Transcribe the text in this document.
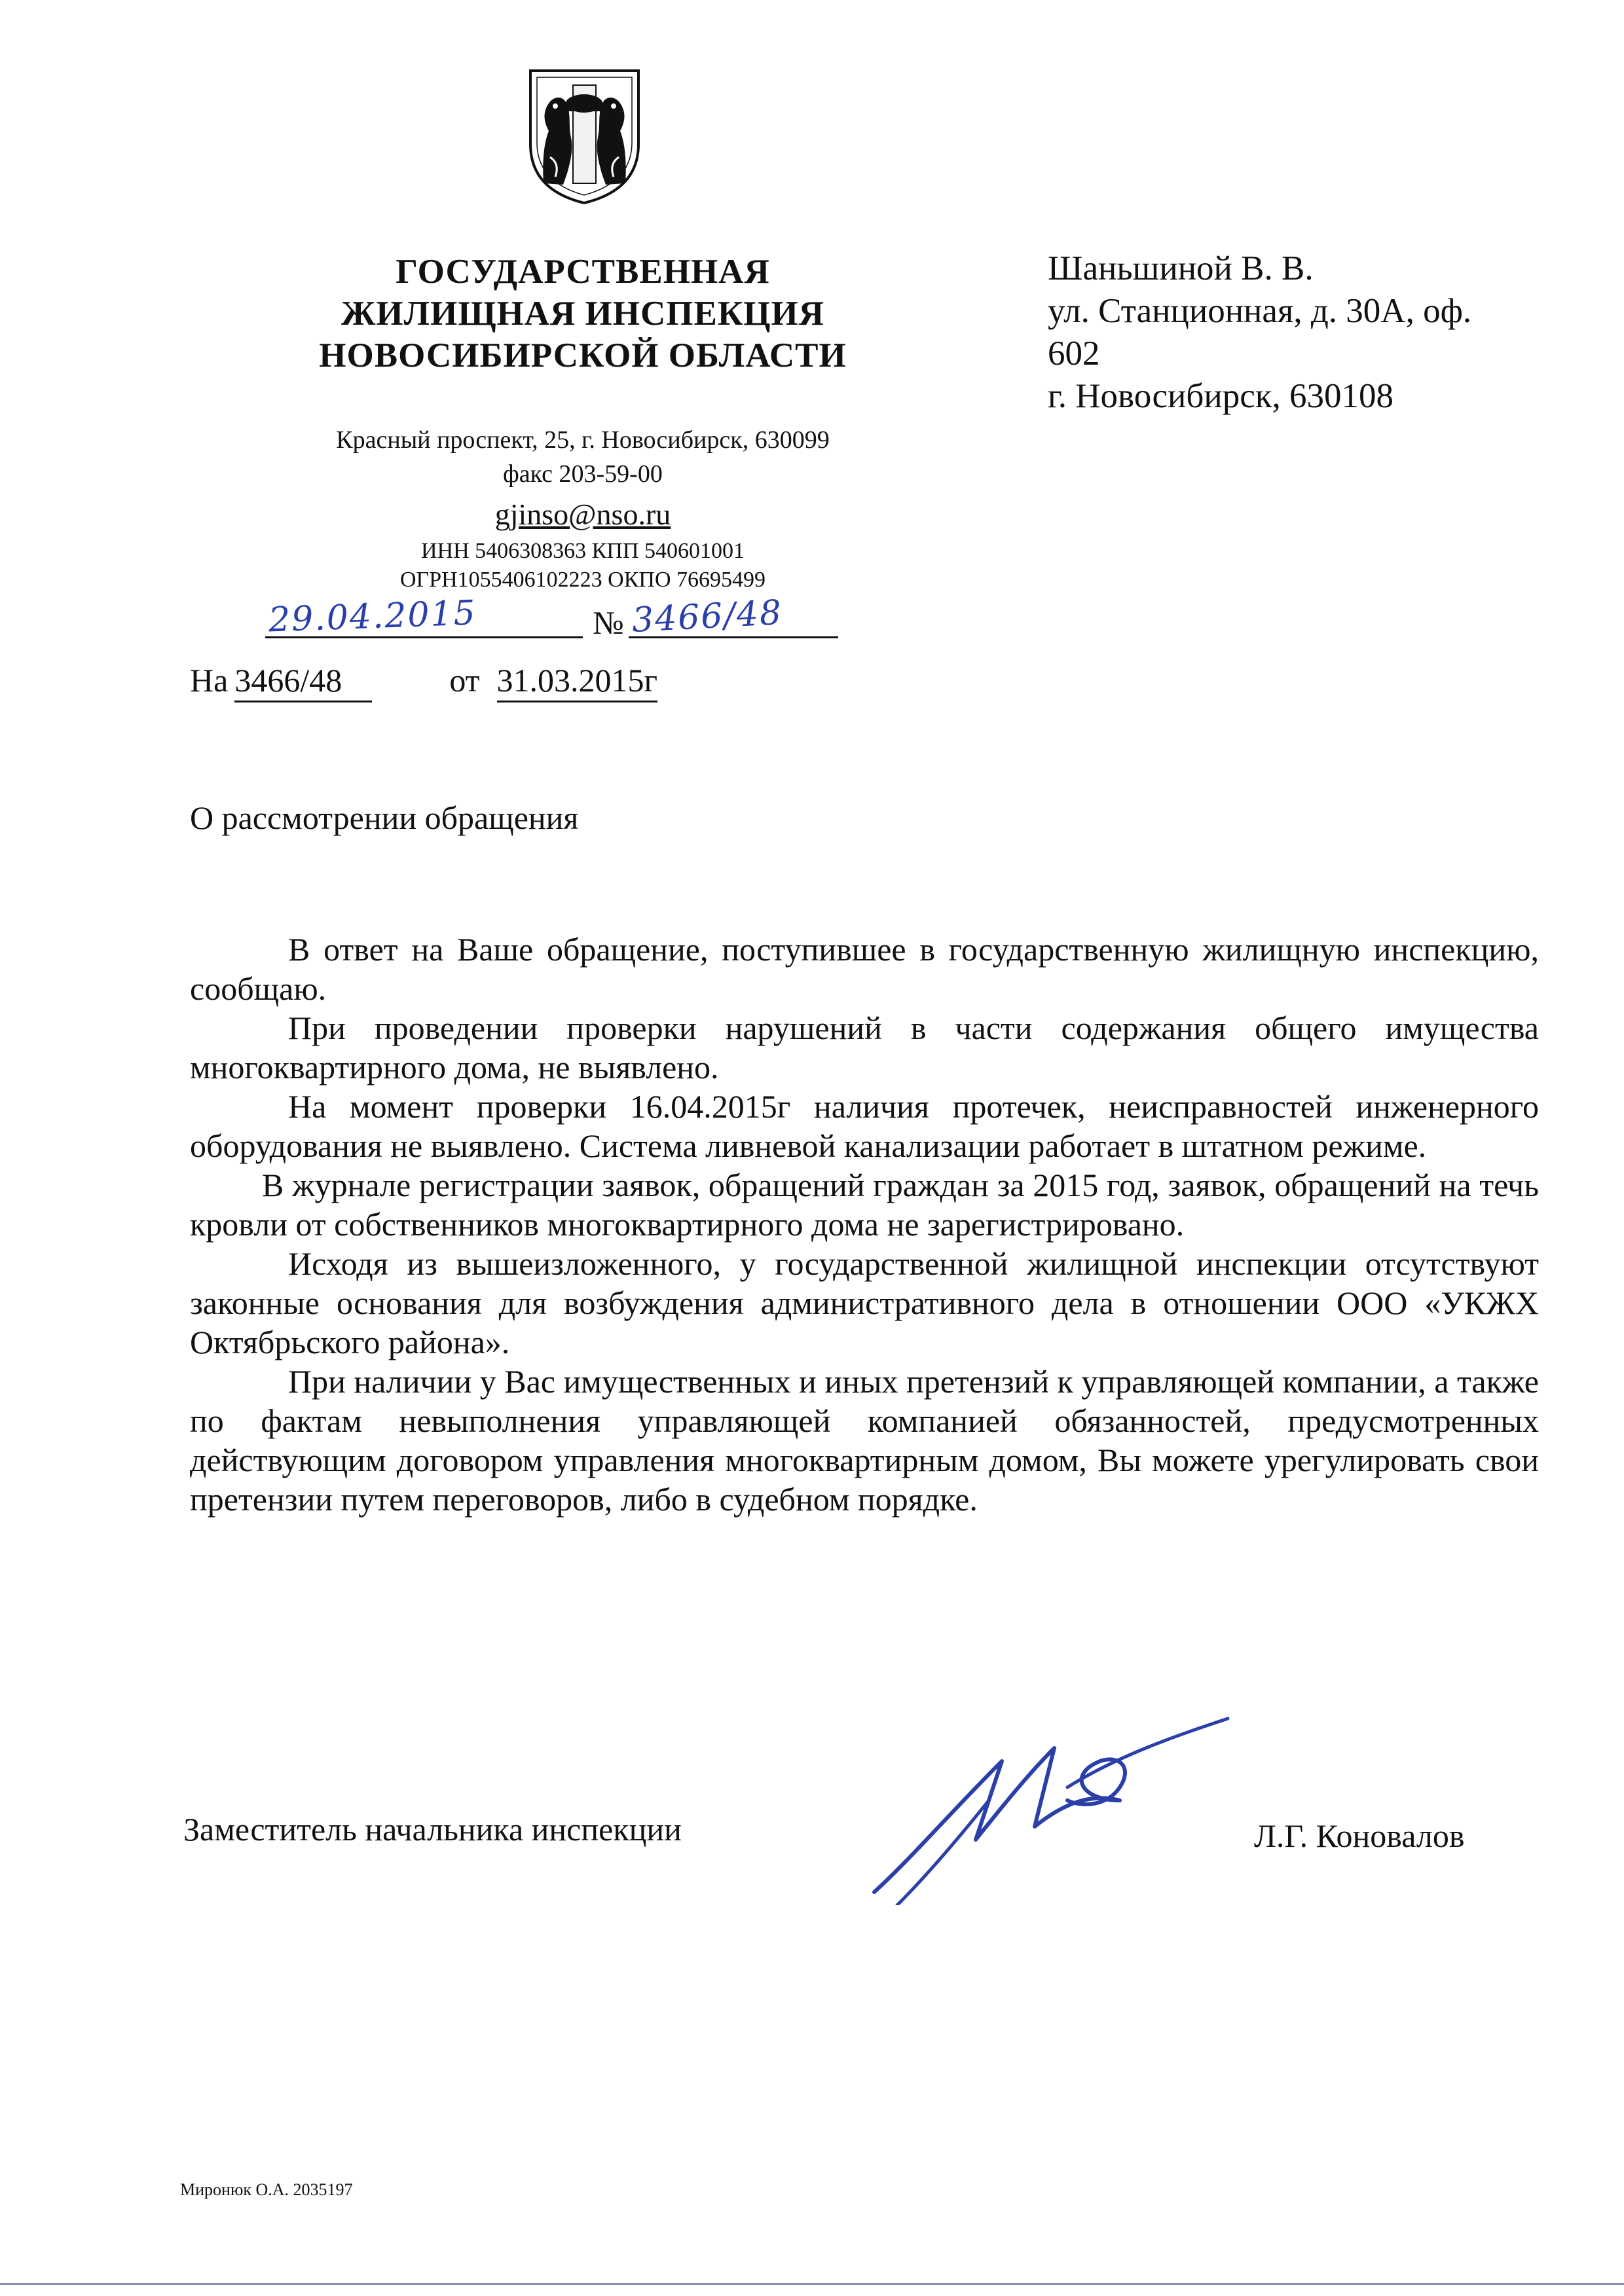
ГОСУДАРСТВЕННАЯ
ЖИЛИЩНАЯ ИНСПЕКЦИЯ
НОВОСИБИРСКОЙ ОБЛАСТИ
Красный проспект, 25, г. Новосибирск, 630099
факс 203-59-00
gjinso@nso.ru
ИНН 5406308363 КПП 540601001
ОГРН1055406102223 ОКПО 76695499
29.04.2015	№ 3466/48
На 3466/48	от 31.03.2015г
Шаньшиной В. В.
ул. Станционная, д. 30А, оф.
602
г. Новосибирск, 630108
О рассмотрении обращения

В ответ на Ваше обращение, поступившее в государственную жилищную инспекцию, сообщаю.

При проведении проверки нарушений в части содержания общего имущества многоквартирного дома, не выявлено.

На момент проверки 16.04.2015г наличия протечек, неисправностей инженерного оборудования не выявлено. Система ливневой канализации работает в штатном режиме.

В журнале регистрации заявок, обращений граждан за 2015 год, заявок, обращений на течь кровли от собственников многоквартирного дома не зарегистрировано.

Исходя из вышеизложенного, у государственной жилищной инспекции отсутствуют законные основания для возбуждения административного дела в отношении ООО «УКЖХ Октябрьского района».

При наличии у Вас имущественных и иных претензий к управляющей компании, а также по фактам невыполнения управляющей компанией обязанностей, предусмотренных действующим договором управления многоквартирным домом, Вы можете урегулировать свои претензии путем переговоров, либо в судебном порядке.

Заместитель начальника инспекции	Л.Г. Коновалов
Миронюк О.А. 2035197
